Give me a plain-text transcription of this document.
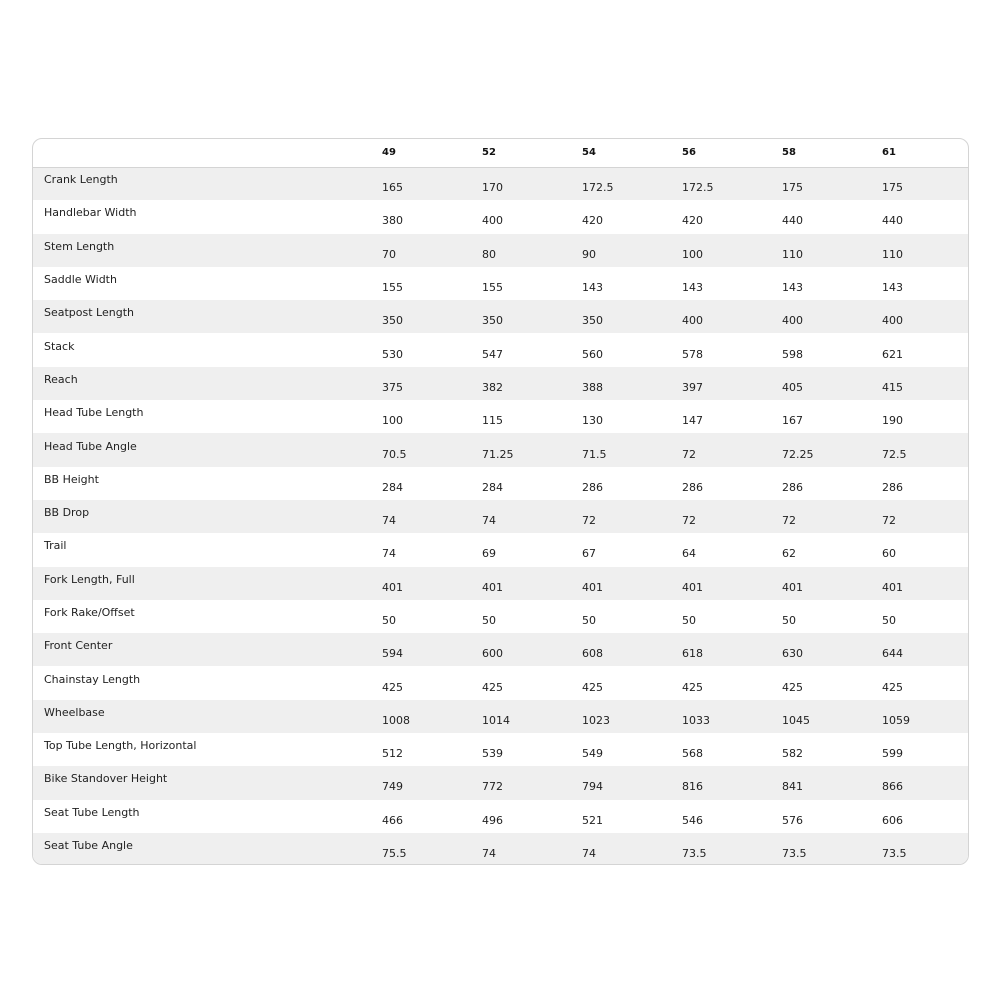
	49	52	54	56	58	61
Crank Length	165	170	172.5	172.5	175	175
Handlebar Width	380	400	420	420	440	440
Stem Length	70	80	90	100	110	110
Saddle Width	155	155	143	143	143	143
Seatpost Length	350	350	350	400	400	400
Stack	530	547	560	578	598	621
Reach	375	382	388	397	405	415
Head Tube Length	100	115	130	147	167	190
Head Tube Angle	70.5	71.25	71.5	72	72.25	72.5
BB Height	284	284	286	286	286	286
BB Drop	74	74	72	72	72	72
Trail	74	69	67	64	62	60
Fork Length, Full	401	401	401	401	401	401
Fork Rake/Offset	50	50	50	50	50	50
Front Center	594	600	608	618	630	644
Chainstay Length	425	425	425	425	425	425
Wheelbase	1008	1014	1023	1033	1045	1059
Top Tube Length, Horizontal	512	539	549	568	582	599
Bike Standover Height	749	772	794	816	841	866
Seat Tube Length	466	496	521	546	576	606
Seat Tube Angle	75.5	74	74	73.5	73.5	73.5
